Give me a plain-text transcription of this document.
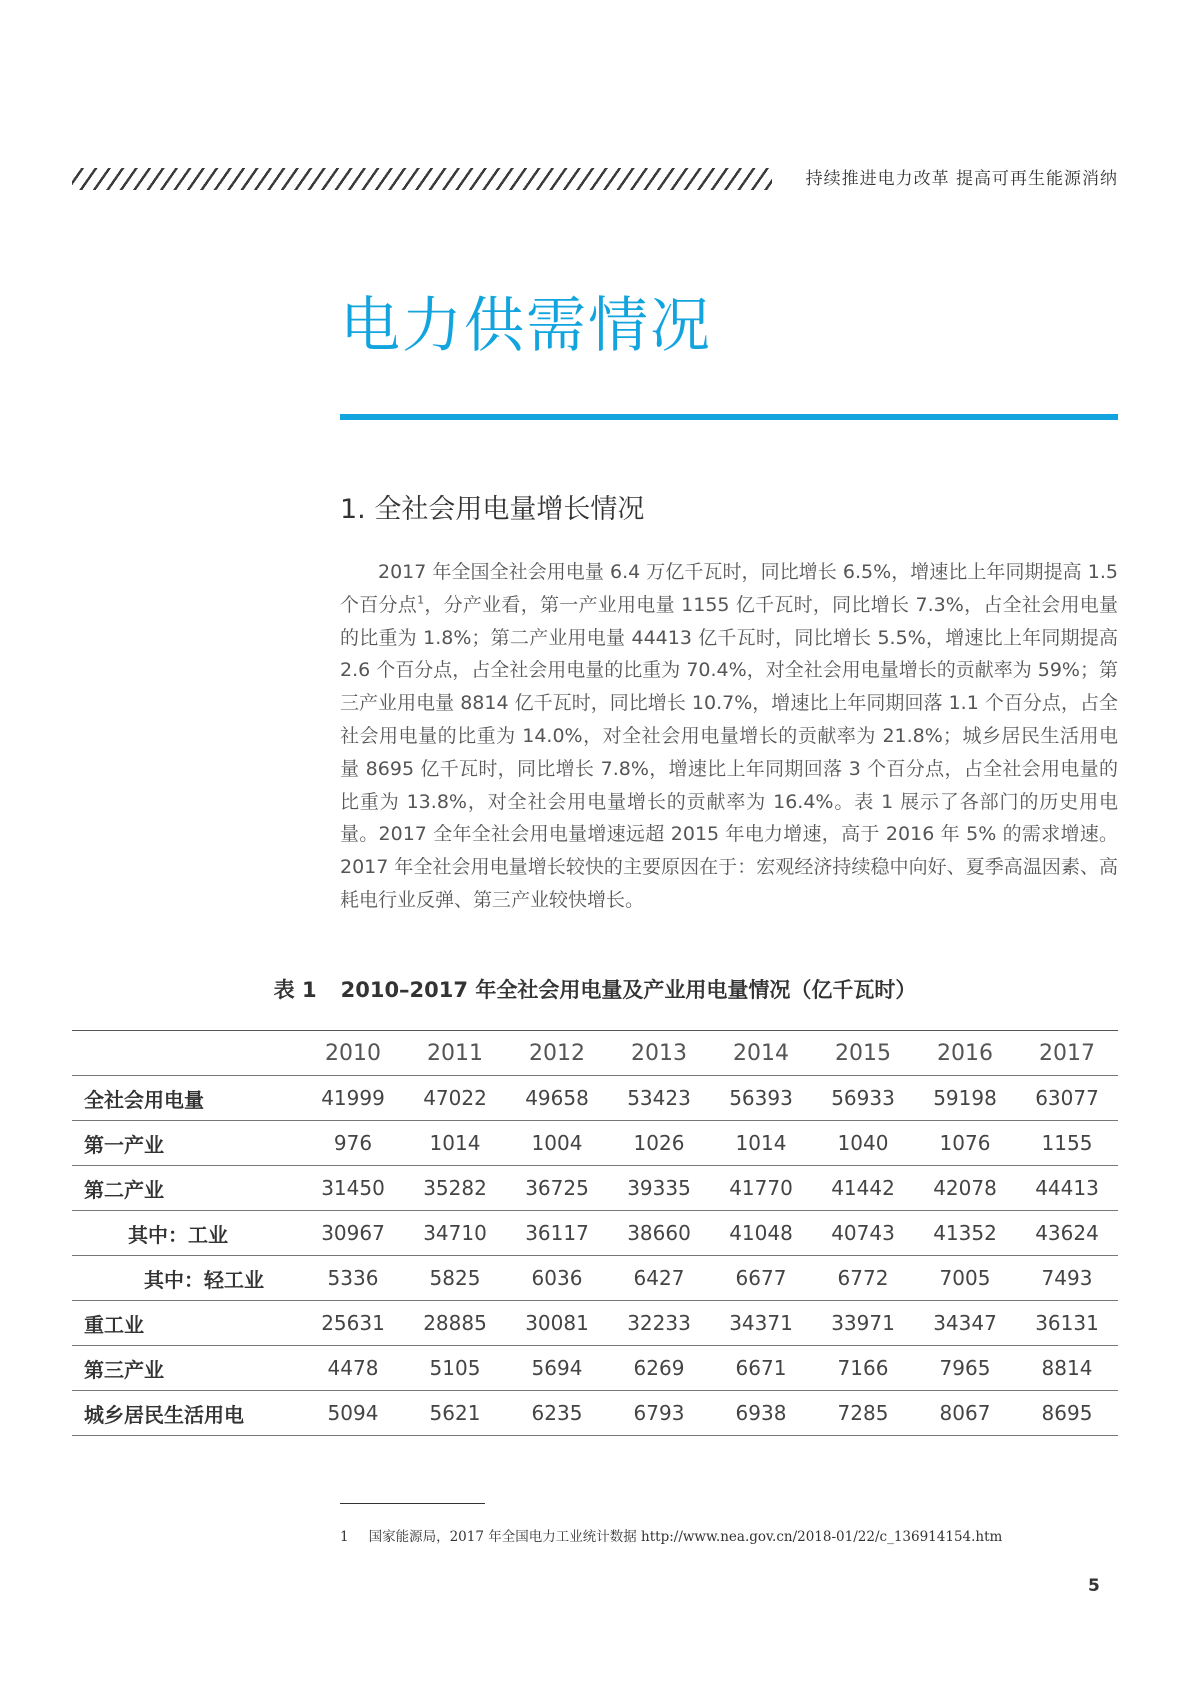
持续推进电力改革 提高可再生能源消纳
电力供需情况
1. 全社会用电量增长情况

2017 年全国全社会用电量 6.4 万亿千瓦时，同比增长 6.5%，增速比上年同期提高 1.5 个百分点$^1$，分产业看，第一产业用电量 1155 亿千瓦时，同比增长 7.3%，占全社会用电量的比重为 1.8%；第二产业用电量 44413 亿千瓦时，同比增长 5.5%，增速比上年同期提高 2.6 个百分点，占全社会用电量的比重为 70.4%，对全社会用电量增长的贡献率为 59%；第三产业用电量 8814 亿千瓦时，同比增长 10.7%，增速比上年同期回落 1.1 个百分点，占全社会用电量的比重为 14.0%，对全社会用电量增长的贡献率为 21.8%；城乡居民生活用电量 8695 亿千瓦时，同比增长 7.8%，增速比上年同期回落 3 个百分点，占全社会用电量的比重为 13.8%，对全社会用电量增长的贡献率为 16.4%。表 1 展示了各部门的历史用电量。2017 全年全社会用电量增速远超 2015 年电力增速，高于 2016 年 5% 的需求增速。2017 年全社会用电量增长较快的主要原因在于：宏观经济持续稳中向好、夏季高温因素、高耗电行业反弹、第三产业较快增长。

表 1 2010–2017 年全社会用电量及产业用电量情况（亿千瓦时）
	2010	2011	2012	2013	2014	2015	2016	2017
全社会用电量	41999	47022	49658	53423	56393	56933	59198	63077
第一产业	976	1014	1004	1026	1014	1040	1076	1155
第二产业	31450	35282	36725	39335	41770	41442	42078	44413
其中：工业	30967	34710	36117	38660	41048	40743	41352	43624
其中：轻工业	5336	5825	6036	6427	6677	6772	7005	7493
重工业	25631	28885	30081	32233	34371	33971	34347	36131
第三产业	4478	5105	5694	6269	6671	7166	7965	8814
城乡居民生活用电	5094	5621	6235	6793	6938	7285	8067	8695
1 国家能源局，2017 年全国电力工业统计数据 http://www.nea.gov.cn/2018-01/22/c_136914154.htm
5
